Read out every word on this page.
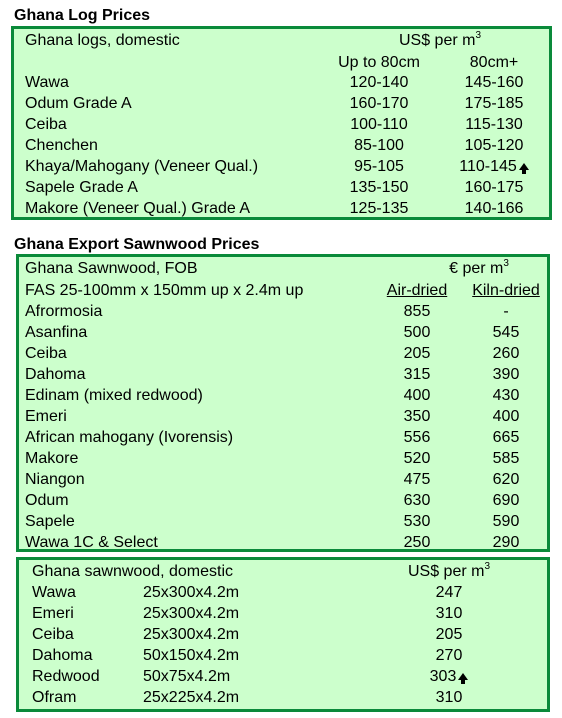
Ghana Log Prices
Ghana logs, domestic	US$ per $m^3$
Up to 80cm	80cm+
Wawa	120-140	145-160
Odum Grade A	160-170	175-185
Ceiba	100-110	115-130
Chenchen	85-100	105-120
Khaya/Mahogany (Veneer Qual.)	95-105	110-145
Sapele Grade A	135-150	160-175
Makore (Veneer Qual.) Grade A	125-135	140-166
Ghana Export Sawnwood Prices
Ghana Sawnwood, FOB	€ per $m^3$
FAS 25-100mm x 150mm up x 2.4m up	Air-dried	Kiln-dried
Afrormosia	855	-
Asanfina	500	545
Ceiba	205	260
Dahoma	315	390
Edinam (mixed redwood)	400	430
Emeri	350	400
African mahogany (Ivorensis)	556	665
Makore	520	585
Niangon	475	620
Odum	630	690
Sapele	530	590
Wawa 1C & Select	250	290
Ghana sawnwood, domestic	US$ per $m^3$
Wawa	25x300x4.2m	247
Emeri	25x300x4.2m	310
Ceiba	25x300x4.2m	205
Dahoma	50x150x4.2m	270
Redwood	50x75x4.2m	303
Ofram	25x225x4.2m	310
